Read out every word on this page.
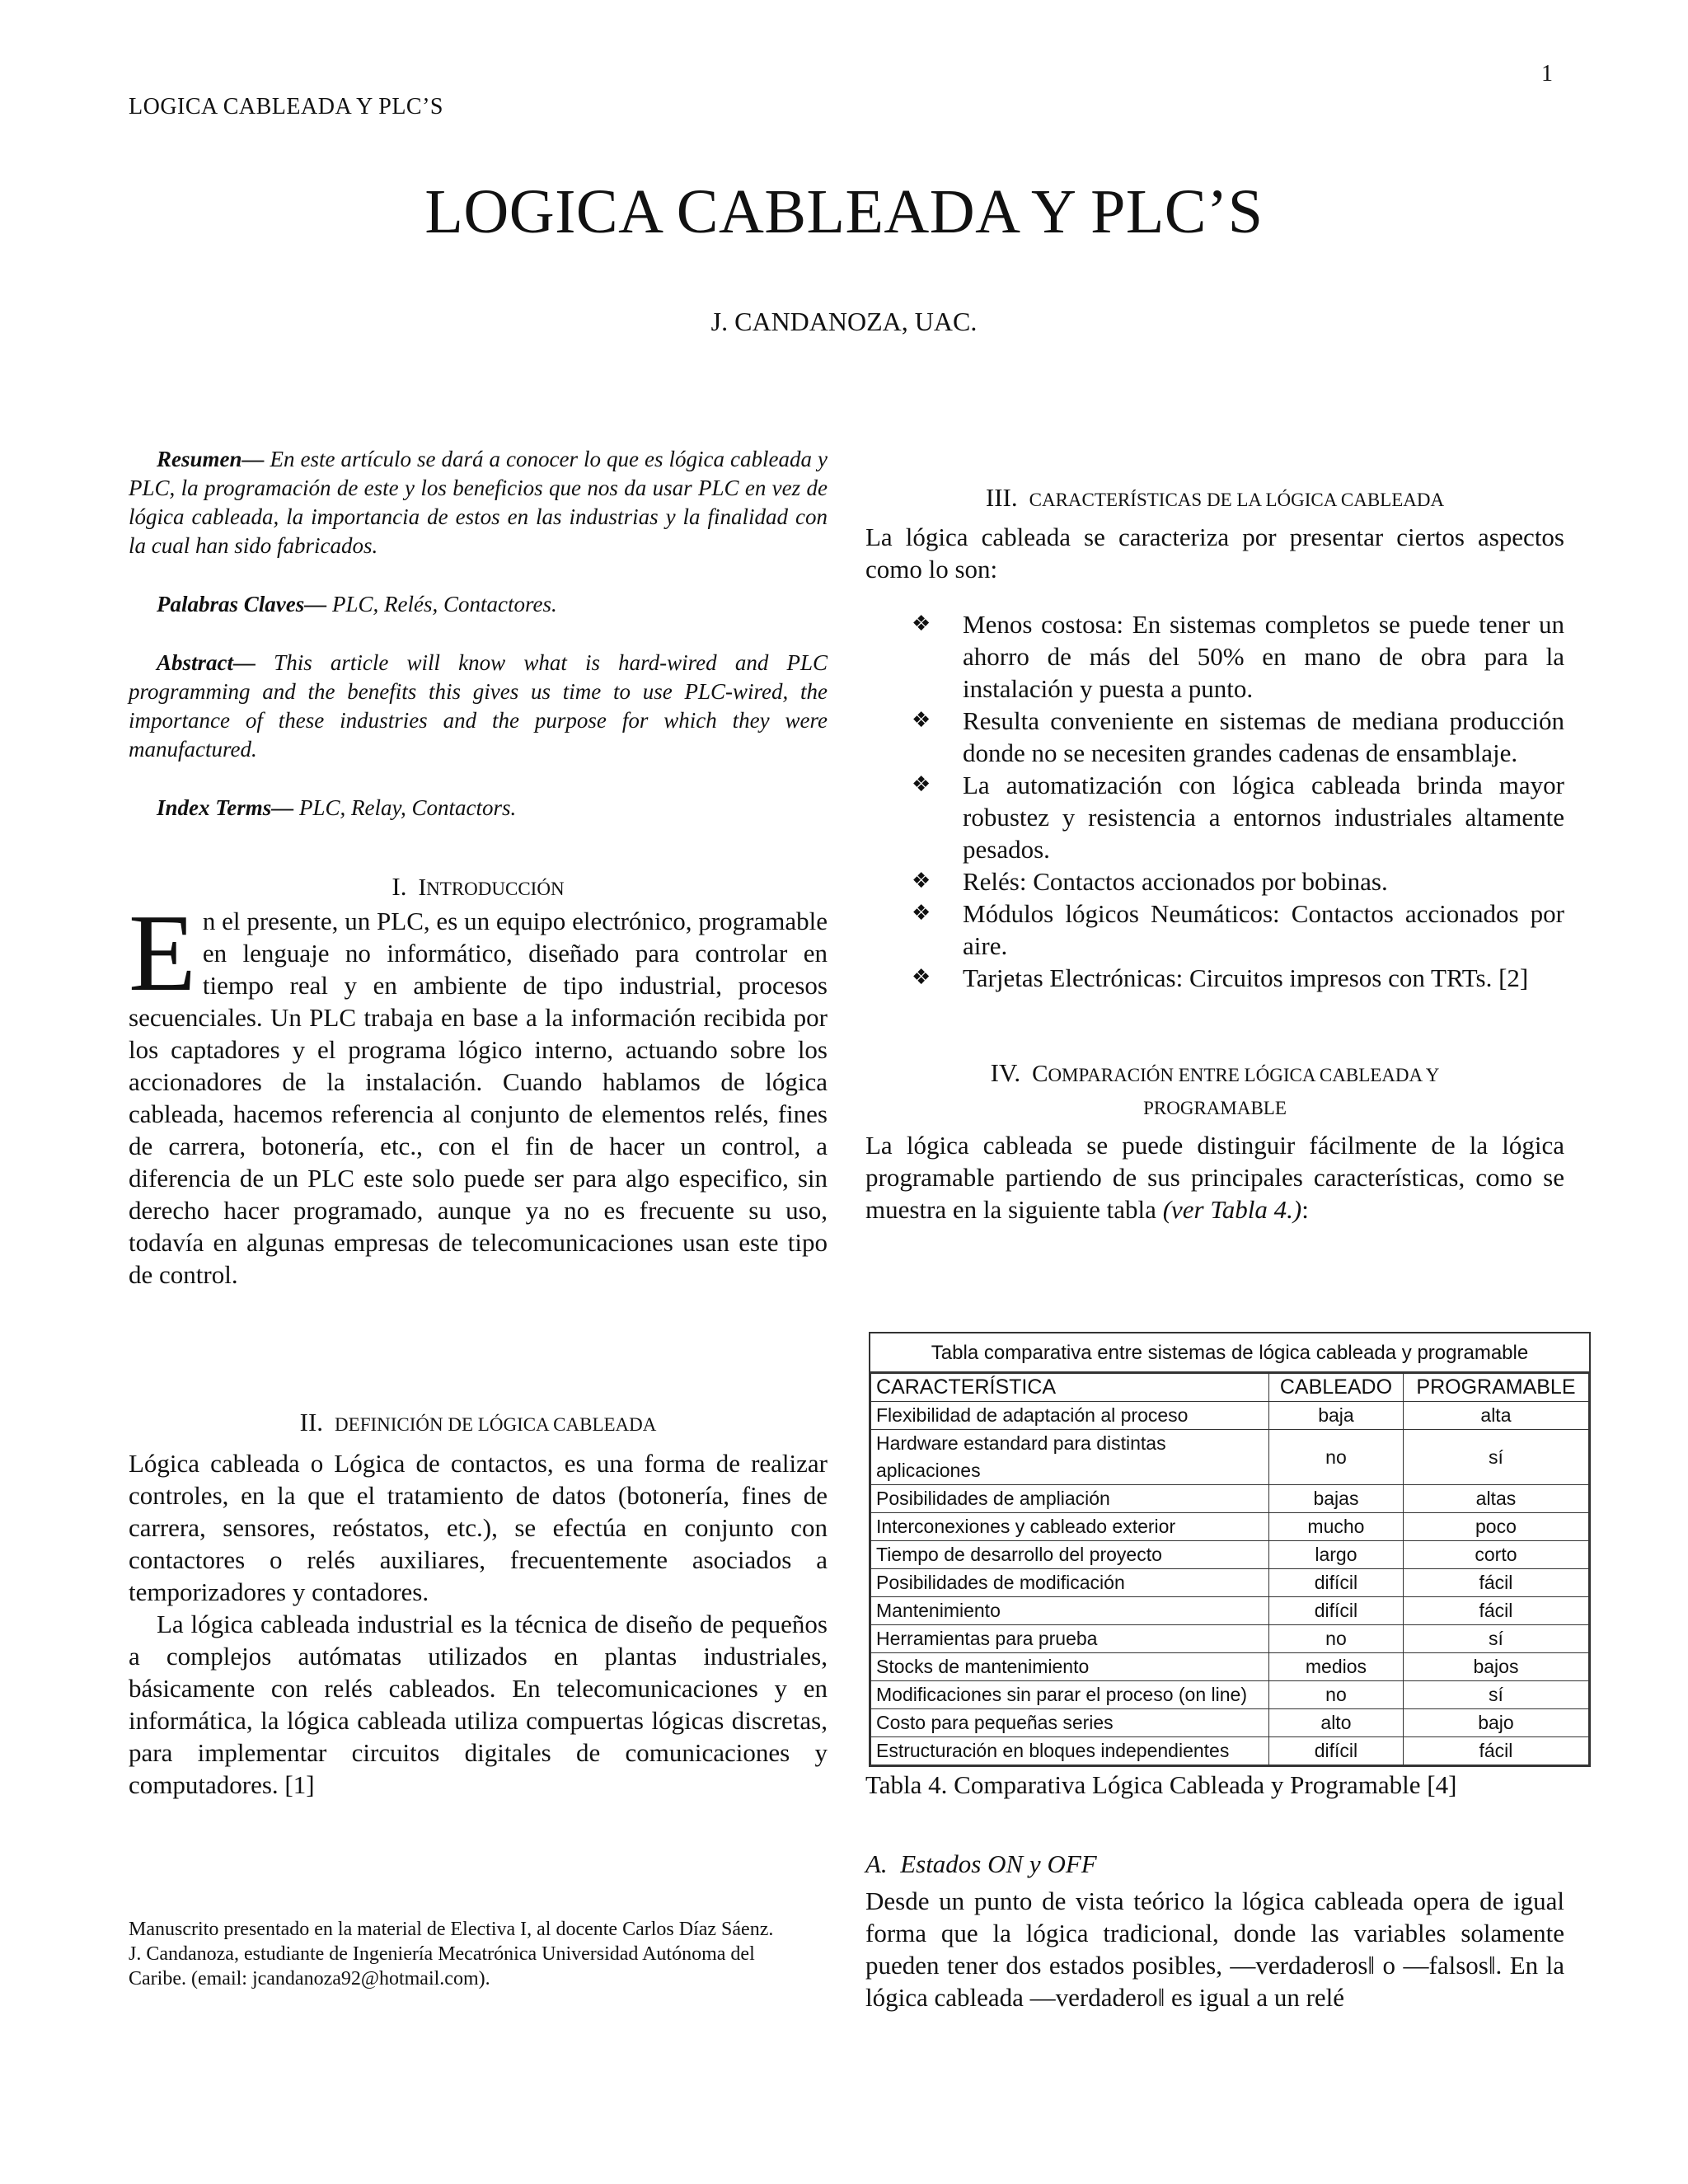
LOGICA CABLEADA Y PLC’S
1
LOGICA CABLEADA Y PLC’S
J. CANDANOZA, UAC.

Resumen— En este artículo se dará a conocer lo que es lógica cableada y PLC, la programación de este y los beneficios que nos da usar PLC en vez de lógica cableada, la importancia de estos en las industrias y la finalidad con la cual han sido fabricados.

Palabras Claves— PLC, Relés, Contactores.

Abstract— This article will know what is hard-wired and PLC programming and the benefits this gives us time to use PLC-wired, the importance of these industries and the purpose for which they were manufactured.

Index Terms— PLC, Relay, Contactors.

I. INTRODUCCIÓN

E n el presente, un PLC, es un equipo electrónico, programable en lenguaje no informático, diseñado para controlar en tiempo real y en ambiente de tipo industrial, procesos secuenciales. Un PLC trabaja en base a la información recibida por los captadores y el programa lógico interno, actuando sobre los accionadores de la instalación. Cuando hablamos de lógica cableada, hacemos referencia al conjunto de elementos relés, fines de carrera, botonería, etc., con el fin de hacer un control, a diferencia de un PLC este solo puede ser para algo especifico, sin derecho hacer programado, aunque ya no es frecuente su uso, todavía en algunas empresas de telecomunicaciones usan este tipo de control.

II. DEFINICIÓN DE LÓGICA CABLEADA

Lógica cableada o Lógica de contactos, es una forma de realizar controles, en la que el tratamiento de datos (botonería, fines de carrera, sensores, reóstatos, etc.), se efectúa en conjunto con contactores o relés auxiliares, frecuentemente asociados a temporizadores y contadores.

La lógica cableada industrial es la técnica de diseño de pequeños a complejos autómatas utilizados en plantas industriales, básicamente con relés cableados. En telecomunicaciones y en informática, la lógica cableada utiliza compuertas lógicas discretas, para implementar circuitos digitales de comunicaciones y computadores. [1]

Manuscrito presentado en la material de Electiva I, al docente Carlos Díaz Sáenz.

J. Candanoza, estudiante de Ingeniería Mecatrónica Universidad Autónoma del Caribe. (email: jcandanoza92@hotmail.com).

III. CARACTERÍSTICAS DE LA LÓGICA CABLEADA

La lógica cableada se caracteriza por presentar ciertos aspectos como lo son:

❖ Menos costosa: En sistemas completos se puede tener un ahorro de más del 50% en mano de obra para la instalación y puesta a punto.
❖ Resulta conveniente en sistemas de mediana producción donde no se necesiten grandes cadenas de ensamblaje.
❖ La automatización con lógica cableada brinda mayor robustez y resistencia a entornos industriales altamente pesados.
❖ Relés: Contactos accionados por bobinas.
❖ Módulos lógicos Neumáticos: Contactos accionados por aire.
❖ Tarjetas Electrónicas: Circuitos impresos con TRTs. [2]

IV. COMPARACIÓN ENTRE LÓGICA CABLEADA Y
PROGRAMABLE

La lógica cableada se puede distinguir fácilmente de la lógica programable partiendo de sus principales características, como se muestra en la siguiente tabla (ver Tabla 4.):

Tabla comparativa entre sistemas de lógica cableada y programable
CARACTERÍSTICA	CABLEADO	PROGRAMABLE
Flexibilidad de adaptación al proceso	baja	alta
Hardware estandard para distintas aplicaciones	no	sí
Posibilidades de ampliación	bajas	altas
Interconexiones y cableado exterior	mucho	poco
Tiempo de desarrollo del proyecto	largo	corto
Posibilidades de modificación	difícil	fácil
Mantenimiento	difícil	fácil
Herramientas para prueba	no	sí
Stocks de mantenimiento	medios	bajos
Modificaciones sin parar el proceso (on line)	no	sí
Costo para pequeñas series	alto	bajo
Estructuración en bloques independientes	difícil	fácil
Tabla 4. Comparativa Lógica Cableada y Programable [4]

A. Estados ON y OFF

Desde un punto de vista teórico la lógica cableada opera de igual forma que la lógica tradicional, donde las variables solamente pueden tener dos estados posibles, ―verdaderos‖ o ―falsos‖. En la lógica cableada ―verdadero‖ es igual a un relé
